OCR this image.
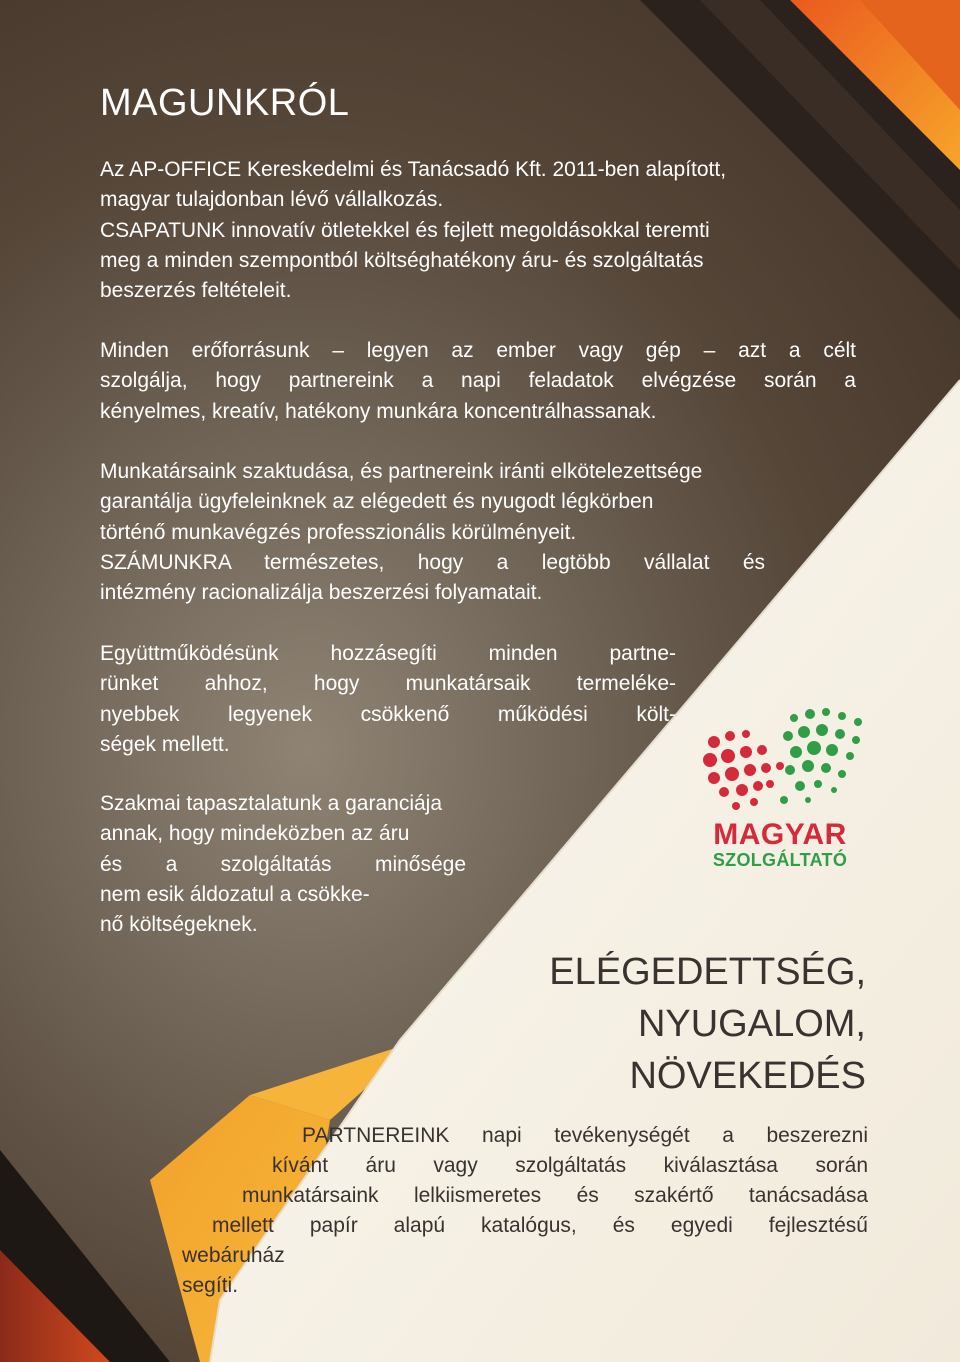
MAGUNKRÓL
Az AP-OFFICE Kereskedelmi és Tanácsadó Kft. 2011-ben alapított,
magyar tulajdonban lévő vállalkozás.
CSAPATUNK innovatív ötletekkel és fejlett megoldásokkal teremti
meg a minden szempontból költséghatékony áru- és szolgáltatás
beszerzés feltételeit.
Minden erőforrásunk – legyen az ember vagy gép – azt a célt
szolgálja, hogy partnereink a napi feladatok elvégzése során a
kényelmes, kreatív, hatékony munkára koncentrálhassanak.
Munkatársaink szaktudása, és partnereink iránti elkötelezettsége
garantálja ügyfeleinknek az elégedett és nyugodt légkörben
történő munkavégzés professzionális körülményeit.
SZÁMUNKRA természetes, hogy a legtöbb vállalat és
intézmény racionalizálja beszerzési folyamatait.
Együttműködésünk hozzásegíti minden partne-
rünket ahhoz, hogy munkatársaik termeléke-
nyebbek legyenek csökkenő működési költ-
ségek mellett.
Szakmai tapasztalatunk a garanciája
annak, hogy mindeközben az áru
és a szolgáltatás minősége
nem esik áldozatul a csökke-
nő költségeknek.
MAGYAR
SZOLGÁLTATÓ
ELÉGEDETTSÉG,
NYUGALOM,
NÖVEKEDÉS
PARTNEREINK napi tevékenységét a beszerezni
kívánt áru vagy szolgáltatás kiválasztása során
munkatársaink lelkiismeretes és szakértő tanácsadása
mellett papír alapú katalógus, és egyedi fejlesztésű
webáruház segíti.
